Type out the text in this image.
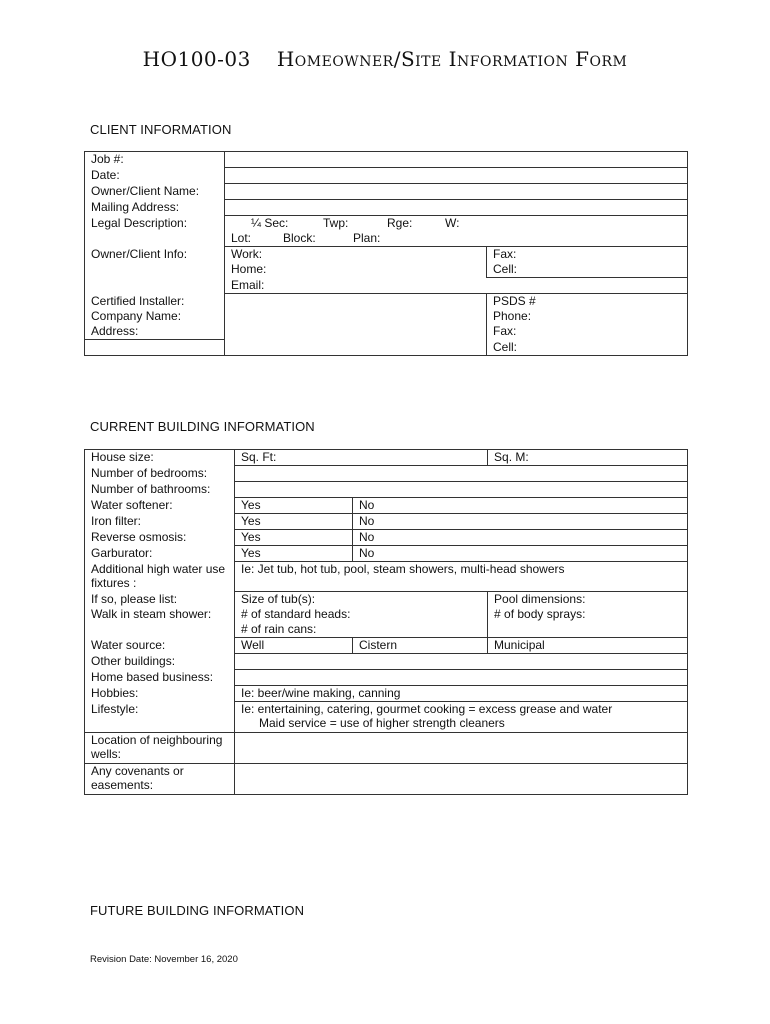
HO100-03 Homeowner/Site Information Form
CLIENT INFORMATION
Job #:		
Date:		
Owner/Client Name:		
Mailing Address:		
Legal Description:	¼ Sec: Twp: Rge: W:	
	Lot: Block: Plan:	
Owner/Client Info:	Work:	Fax:
	Home:	Cell:
	Email:	
Certified Installer:		PSDS #
Company Name:		Phone:
Address:		Fax:
		Cell:
CURRENT BUILDING INFORMATION
House size:	Sq. Ft:		Sq. M:
Number of bedrooms:			
Number of bathrooms:			
Water softener:	Yes	No	
Iron filter:	Yes	No	
Reverse osmosis:	Yes	No	
Garburator:	Yes	No	
Additional high water use fixtures :	Ie: Jet tub, hot tub, pool, steam showers, multi-head showers		
If so, please list:	Size of tub(s):		Pool dimensions:
Walk in steam shower:	# of standard heads:		# of body sprays:
	# of rain cans:		
Water source:	Well	Cistern	Municipal
Other buildings:			
Home based business:			
Hobbies:	Ie: beer/wine making, canning		
Lifestyle:	Ie: entertaining, catering, gourmet cooking = excess grease and water
Maid service = use of higher strength cleaners		

Location of neighbouring wells:			
Any covenants or easements:			
FUTURE BUILDING INFORMATION
Revision Date: November 16, 2020
